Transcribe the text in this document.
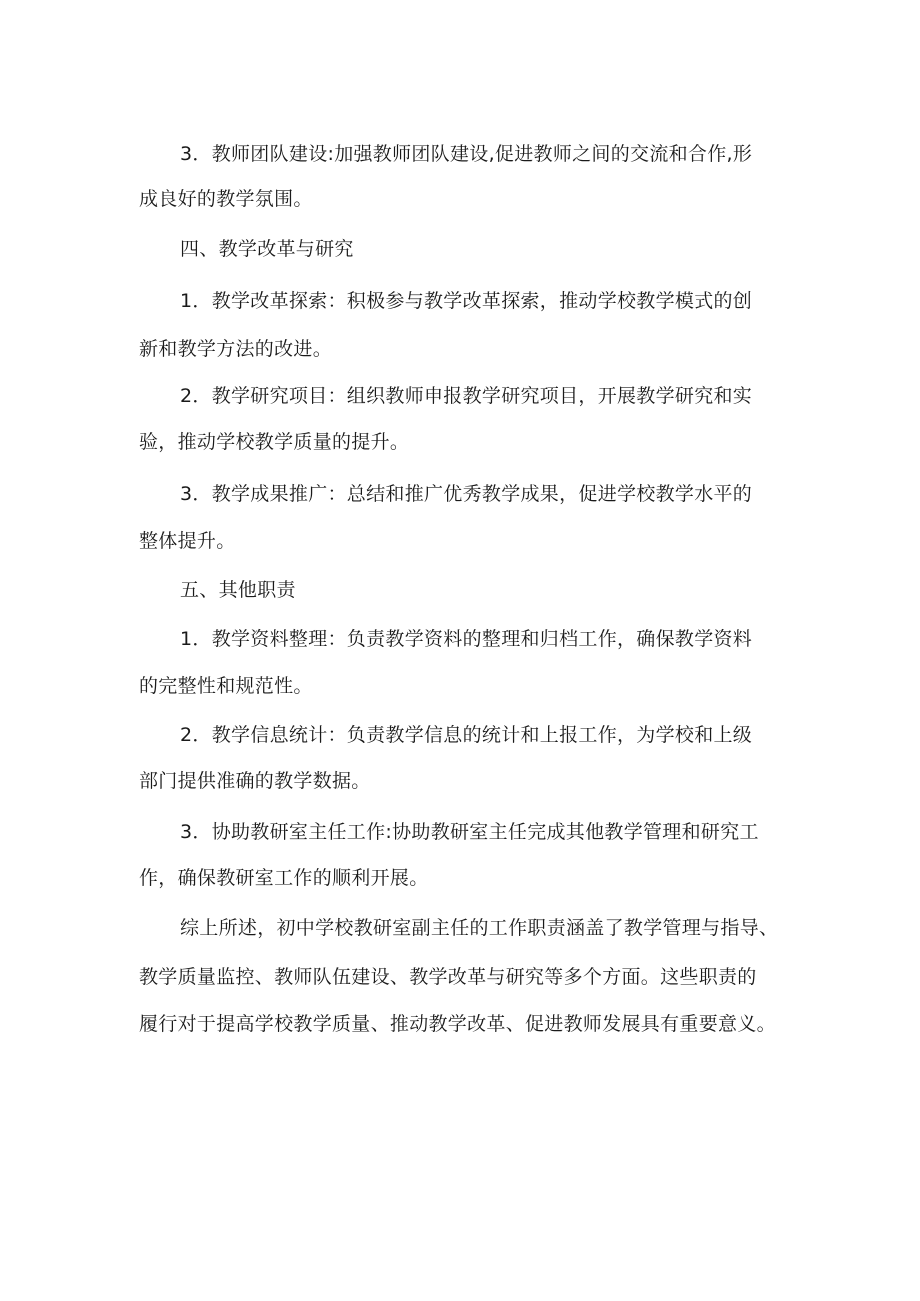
3．教师团队建设:加强教师团队建设,促进教师之间的交流和合作,形
成良好的教学氛围。
四、教学改革与研究
1．教学改革探索：积极参与教学改革探索，推动学校教学模式的创
新和教学方法的改进。
2．教学研究项目：组织教师申报教学研究项目，开展教学研究和实
验，推动学校教学质量的提升。
3．教学成果推广：总结和推广优秀教学成果，促进学校教学水平的
整体提升。
五、其他职责
1．教学资料整理：负责教学资料的整理和归档工作，确保教学资料
的完整性和规范性。
2．教学信息统计：负责教学信息的统计和上报工作，为学校和上级
部门提供准确的教学数据。
3．协助教研室主任工作:协助教研室主任完成其他教学管理和研究工
作，确保教研室工作的顺利开展。
综上所述，初中学校教研室副主任的工作职责涵盖了教学管理与指导、
教学质量监控、教师队伍建设、教学改革与研究等多个方面。这些职责的
履行对于提高学校教学质量、推动教学改革、促进教师发展具有重要意义。
